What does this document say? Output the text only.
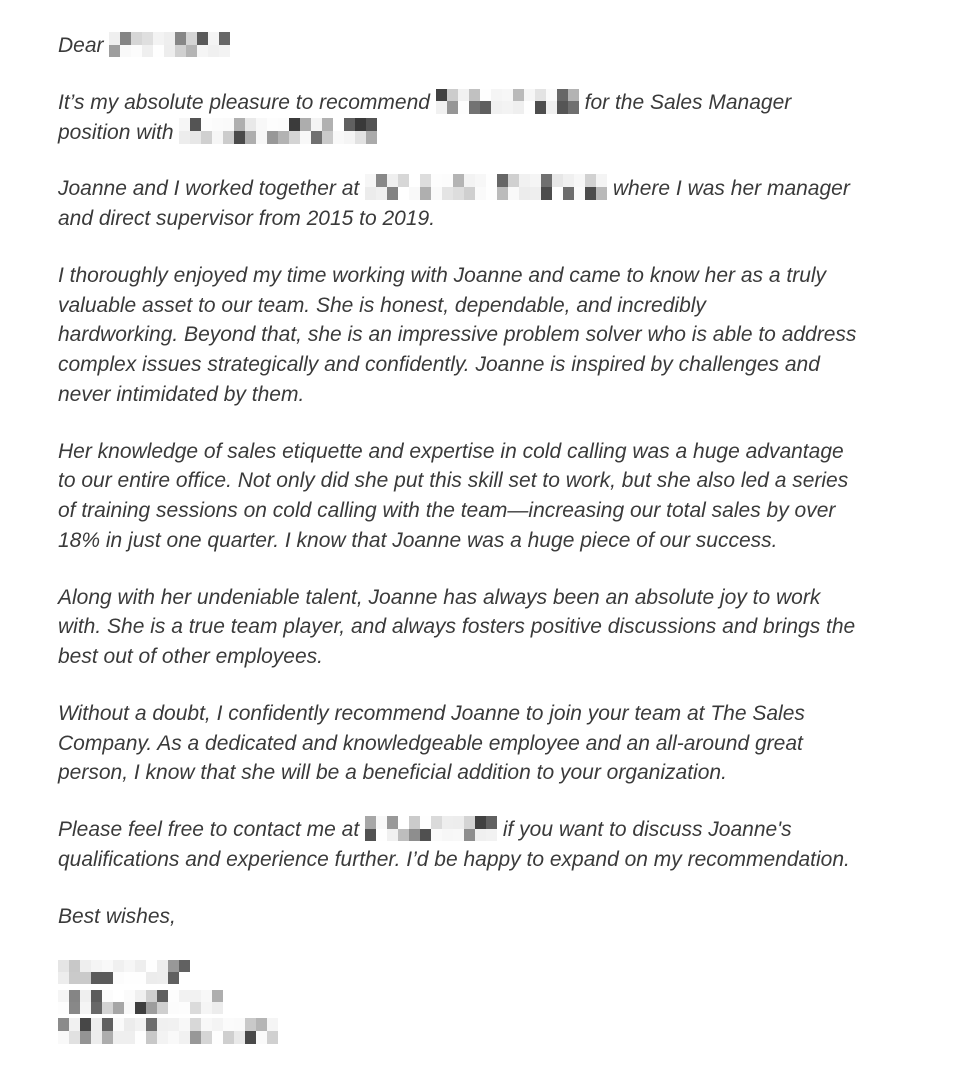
Dear
It’s my absolute pleasure to recommend	for the Sales Manager
position with
Joanne and I worked together at	where I was her manager
and direct supervisor from 2015 to 2019.
I thoroughly enjoyed my time working with Joanne and came to know her as a truly
valuable asset to our team. She is honest, dependable, and incredibly
hardworking. Beyond that, she is an impressive problem solver who is able to address
complex issues strategically and confidently. Joanne is inspired by challenges and
never intimidated by them.
Her knowledge of sales etiquette and expertise in cold calling was a huge advantage
to our entire office. Not only did she put this skill set to work, but she also led a series
of training sessions on cold calling with the team—increasing our total sales by over
18% in just one quarter. I know that Joanne was a huge piece of our success.
Along with her undeniable talent, Joanne has always been an absolute joy to work
with. She is a true team player, and always fosters positive discussions and brings the
best out of other employees.
Without a doubt, I confidently recommend Joanne to join your team at The Sales
Company. As a dedicated and knowledgeable employee and an all-around great
person, I know that she will be a beneficial addition to your organization.
Please feel free to contact me at	if you want to discuss Joanne's
qualifications and experience further. I’d be happy to expand on my recommendation.
Best wishes,
